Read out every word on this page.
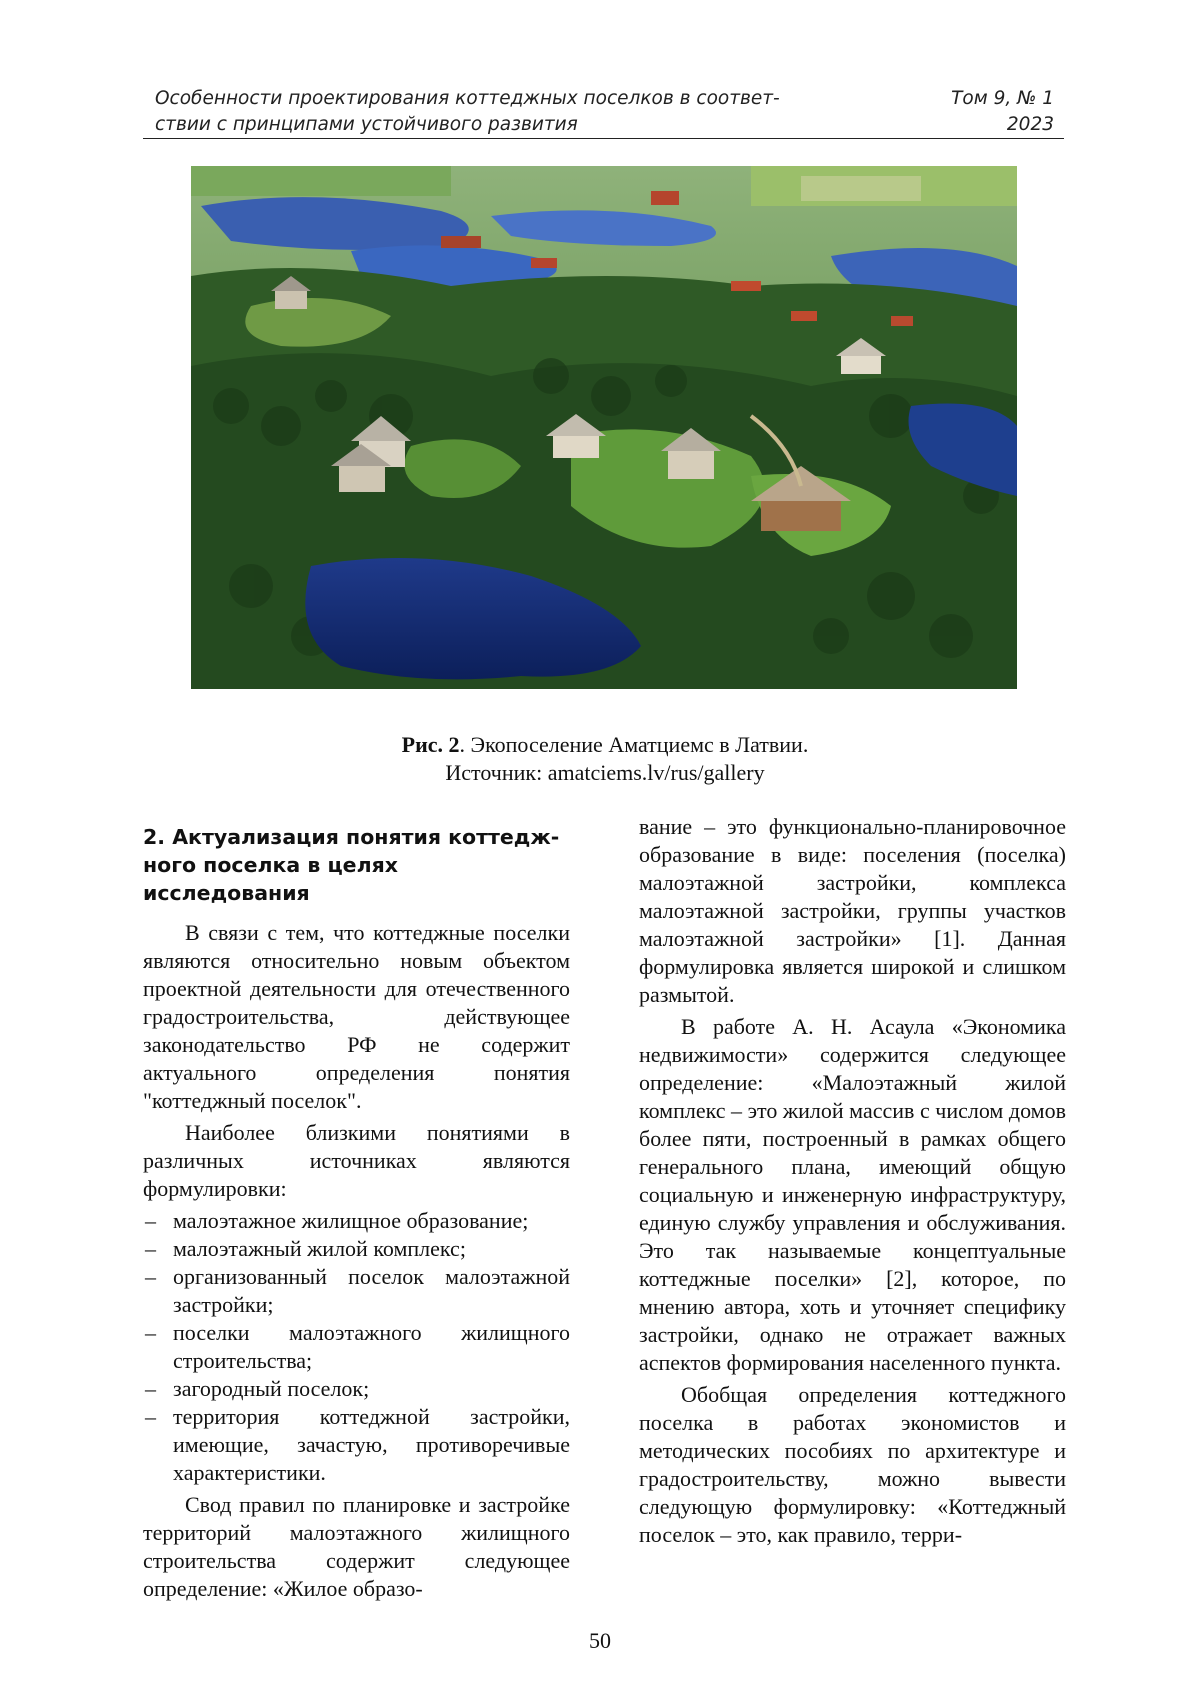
Особенности проектирования коттеджных поселков в соответ-
ствии с принципами устойчивого развития
Том 9, № 1
2023
Рис. 2. Экопоселение Аматциемс в Латвии.
Источник: amatciems.lv/rus/gallery
2. Актуализация понятия коттедж-ного поселка в целях исследования

В связи с тем, что коттеджные поселки являются относительно новым объектом проектной деятельности для отечественного градостроительства, действующее законодательство РФ не содержит актуального определения понятия "коттеджный поселок".

Наиболее близкими понятиями в различных источниках являются формулировки:

– малоэтажное жилищное образование;
– малоэтажный жилой комплекс;
– организованный поселок малоэтажной застройки;
– поселки малоэтажного жилищного строительства;
– загородный поселок;
– территория коттеджной застройки, имеющие, зачастую, противоречивые характеристики.

Свод правил по планировке и застройке территорий малоэтажного жилищного строительства содержит следующее определение: «Жилое образо-

вание – это функционально-планировочное образование в виде: поселения (поселка) малоэтажной застройки, комплекса малоэтажной застройки, группы участков малоэтажной застройки» [1]. Данная формулировка является широкой и слишком размытой.

В работе А. Н. Асаула «Экономика недвижимости» содержится следующее определение: «Малоэтажный жилой комплекс – это жилой массив с числом домов более пяти, построенный в рамках общего генерального плана, имеющий общую социальную и инженерную инфраструктуру, единую службу управления и обслуживания. Это так называемые концептуальные коттеджные поселки» [2], которое, по мнению автора, хоть и уточняет специфику застройки, однако не отражает важных аспектов формирования населенного пункта.

Обобщая определения коттеджного поселка в работах экономистов и методических пособиях по архитектуре и градостроительству, можно вывести следующую формулировку: «Коттеджный поселок – это, как правило, терри-

50
